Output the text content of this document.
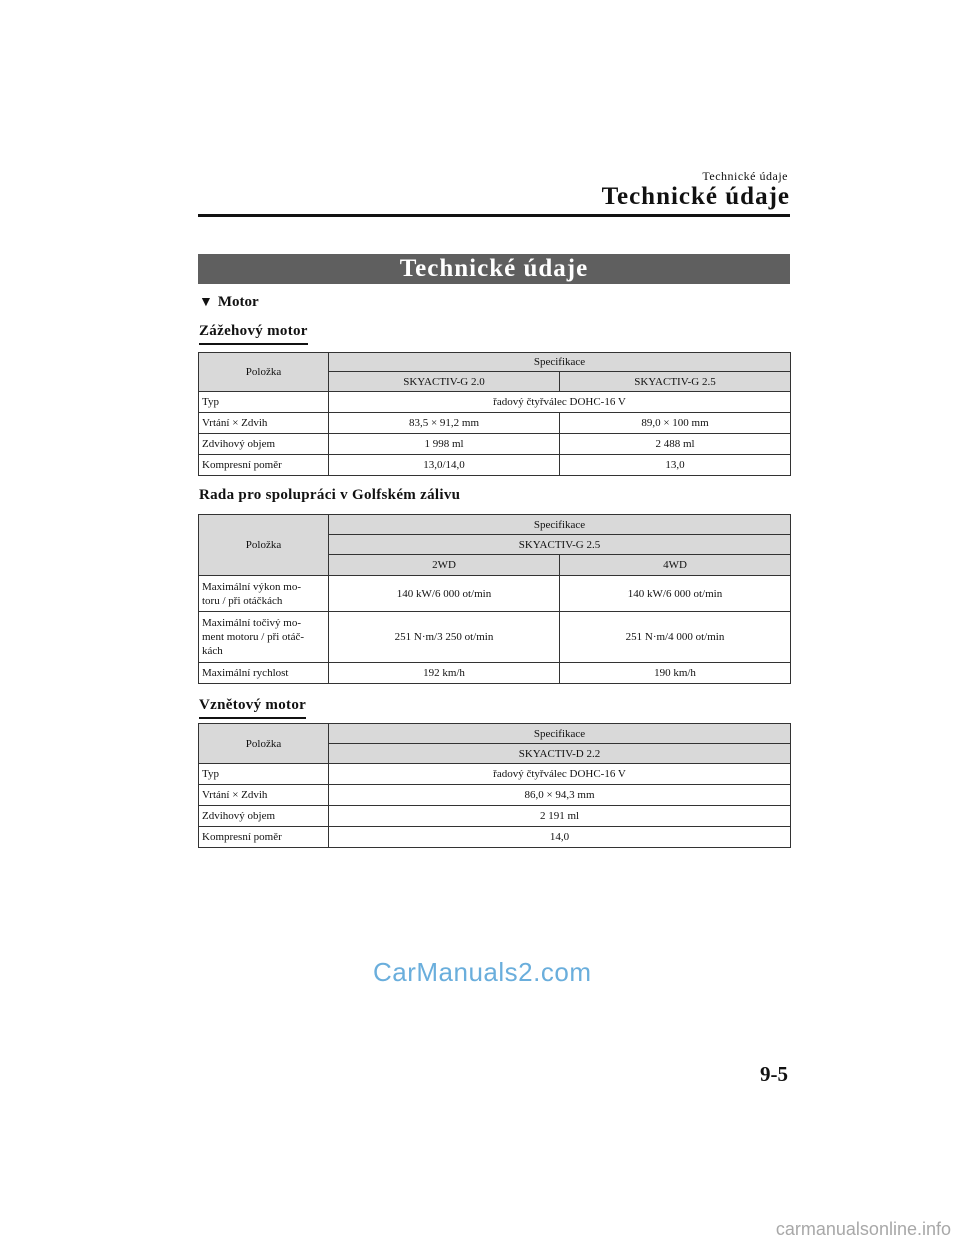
Technické údaje
Technické údaje
Technické údaje
▼ Motor
Zážehový motor
Položka	Specifikace	
	SKYACTIV-G 2.0	SKYACTIV-G 2.5
Typ	řadový čtyřválec DOHC-16 V	
Vrtání × Zdvih	83,5 × 91,2 mm	89,0 × 100 mm
Zdvihový objem	1 998 ml	2 488 ml
Kompresní poměr	13,0/14,0	13,0
Rada pro spolupráci v Golfském zálivu
Položka	Specifikace	
	SKYACTIV-G 2.5	
	2WD	4WD
Maximální výkon mo-
toru / při otáčkách	140 kW/6 000 ot/min	140 kW/6 000 ot/min
Maximální točivý mo-
ment motoru / při otáč-
kách	251 N·m/3 250 ot/min	251 N·m/4 000 ot/min
Maximální rychlost	192 km/h	190 km/h
Vznětový motor
Položka	Specifikace
	SKYACTIV-D 2.2
Typ	řadový čtyřválec DOHC-16 V
Vrtání × Zdvih	86,0 × 94,3 mm
Zdvihový objem	2 191 ml
Kompresní poměr	14,0
CarManuals2.com
9-5
carmanualsonline.info
